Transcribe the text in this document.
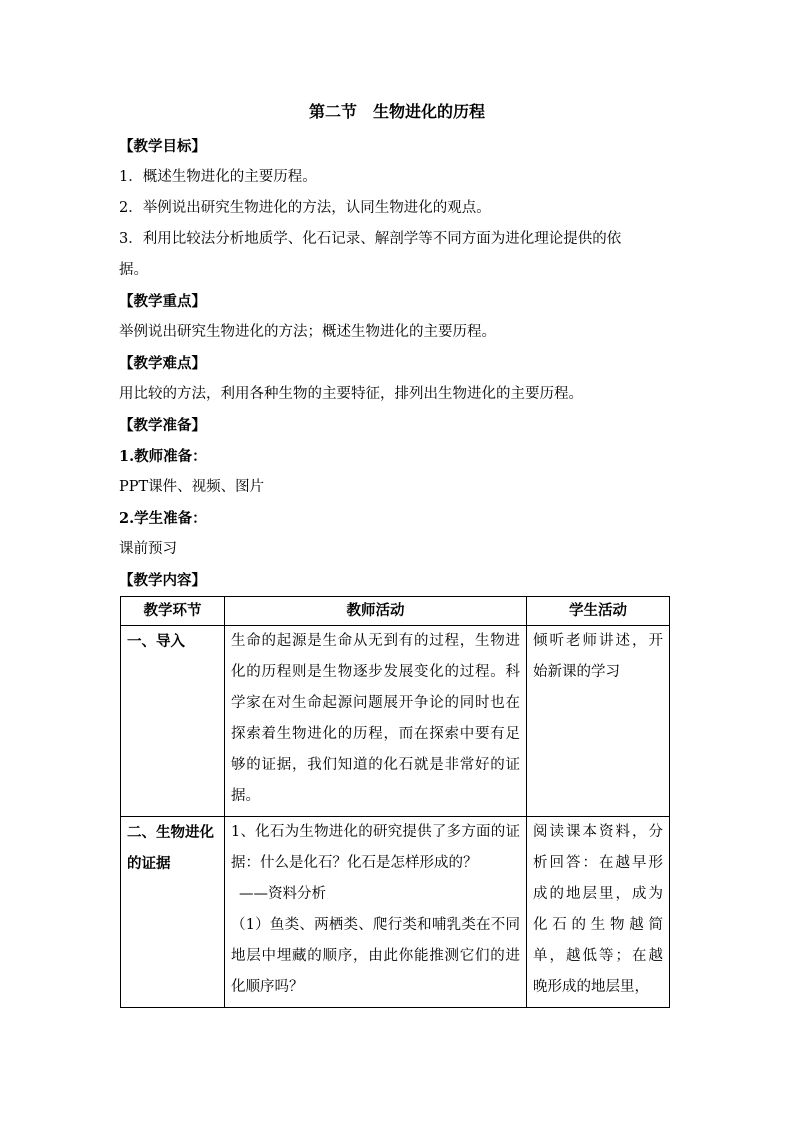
第二节　生物进化的历程
【教学目标】
1．概述生物进化的主要历程。
2．举例说出研究生物进化的方法，认同生物进化的观点。
3．利用比较法分析地质学、化石记录、解剖学等不同方面为进化理论提供的依
据。
【教学重点】
举例说出研究生物进化的方法；概述生物进化的主要历程。
【教学难点】
用比较的方法，利用各种生物的主要特征，排列出生物进化的主要历程。
【教学准备】
1.教师准备：
PPT课件、视频、图片
2.学生准备：
课前预习
【教学内容】
教学环节	教师活动	学生活动
一、导入	生命的起源是生命从无到有的过程，生物进化的历程则是生物逐步发展变化的过程。科学家在对生命起源问题展开争论的同时也在探索着生物进化的历程，而在探索中要有足够的证据，我们知道的化石就是非常好的证据。	倾听老师讲述，开始新课的学习
二、生物进化的证据	1、化石为生物进化的研究提供了多方面的证据：什么是化石？化石是怎样形成的？
——资料分析
（1）鱼类、两栖类、爬行类和哺乳类在不同地层中埋藏的顺序，由此你能推测它们的进化顺序吗？	阅读课本资料，分析回答：在越早形成的地层里，成为化石的生物越简单，越低等；在越晚形成的地层里，
